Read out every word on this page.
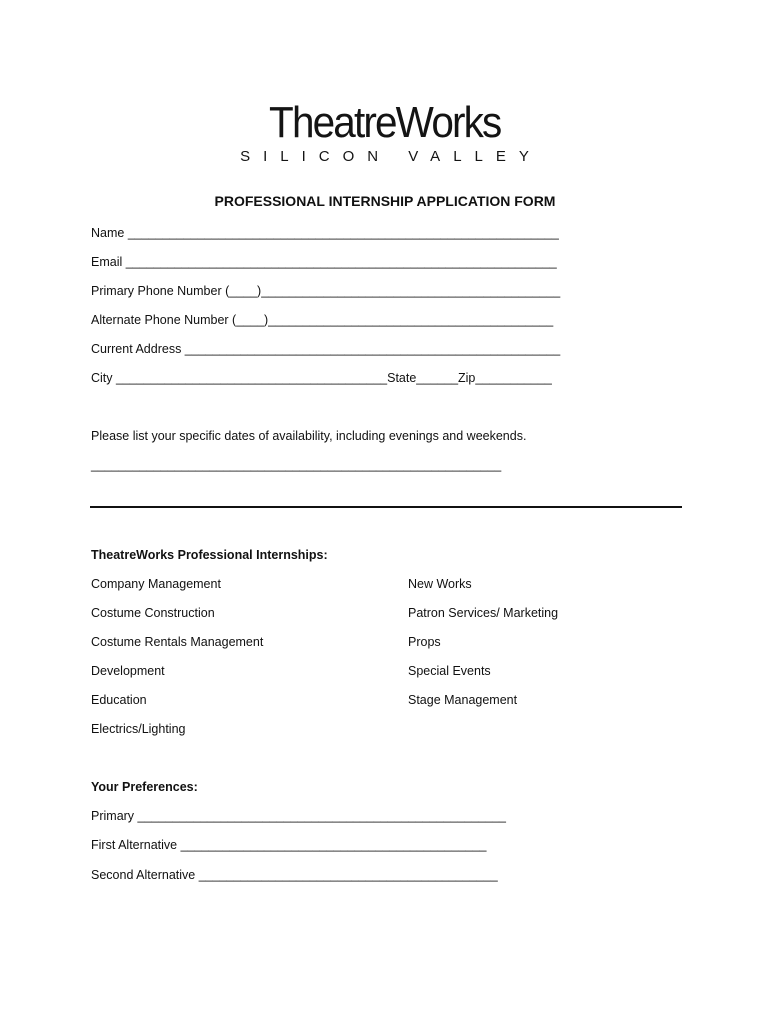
TheatreWorks
SILICON VALLEY
PROFESSIONAL INTERNSHIP APPLICATION FORM
Name ______________________________________________________________
Email ______________________________________________________________
Primary Phone Number (____)___________________________________________
Alternate Phone Number (____)_________________________________________
Current Address ______________________________________________________
City _______________________________________State______Zip___________
Please list your specific dates of availability, including evenings and weekends.
___________________________________________________________
TheatreWorks Professional Internships:
Company Management
Costume Construction
Costume Rentals Management
Development
Education
Electrics/Lighting
New Works
Patron Services/ Marketing
Props
Special Events
Stage Management
Your Preferences:
Primary _____________________________________________________
First Alternative ____________________________________________
Second Alternative ___________________________________________
